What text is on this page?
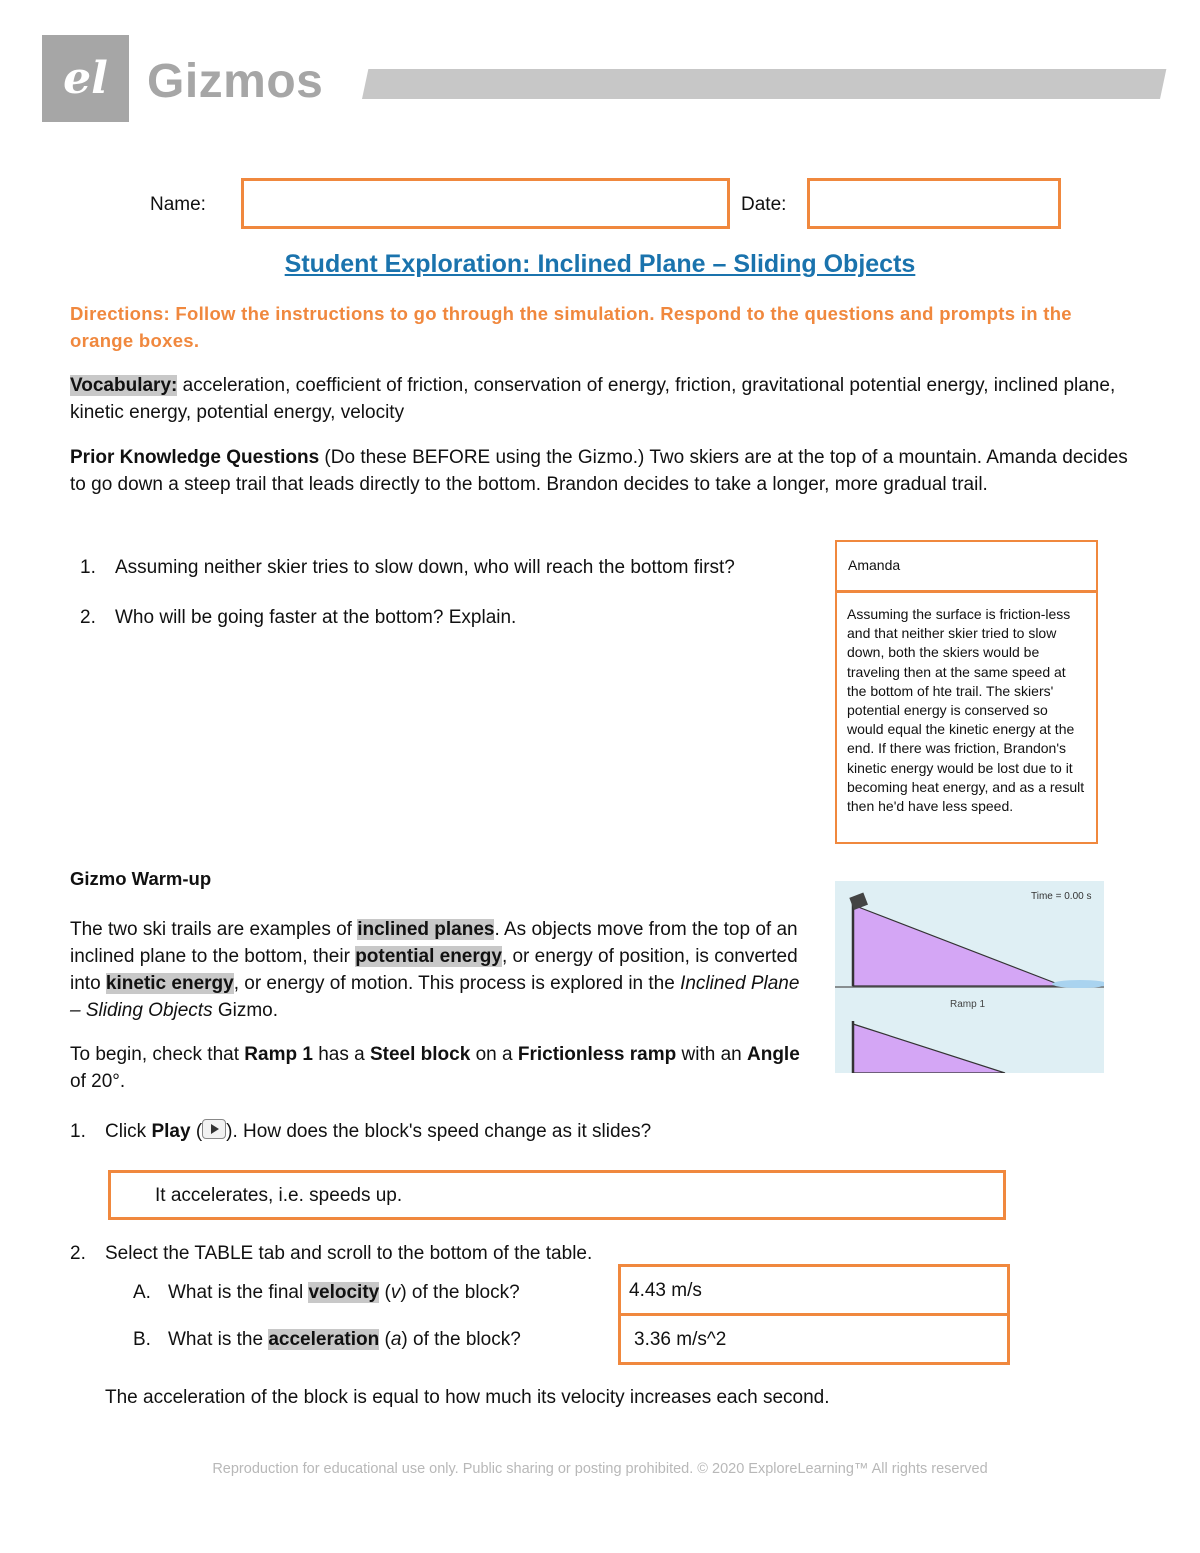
el Gizmos
Name:	Date:
Student Exploration: Inclined Plane – Sliding Objects
Directions: Follow the instructions to go through the simulation. Respond to the questions and prompts in the orange boxes.
Vocabulary: acceleration, coefficient of friction, conservation of energy, friction, gravitational potential energy, inclined plane, kinetic energy, potential energy, velocity
Prior Knowledge Questions (Do these BEFORE using the Gizmo.) Two skiers are at the top of a mountain. Amanda decides to go down a steep trail that leads directly to the bottom. Brandon decides to take a longer, more gradual trail.
1. Assuming neither skier tries to slow down, who will reach the bottom first?	Amanda
2. Who will be going faster at the bottom? Explain.	Assuming the surface is friction-less and that neither skier tried to slow down, both the skiers would be traveling then at the same speed at the bottom of hte trail. The skiers' potential energy is conserved so would equal the kinetic energy at the end. If there was friction, Brandon's kinetic energy would be lost due to it becoming heat energy, and as a result then he'd have less speed.
Gizmo Warm-up
The two ski trails are examples of inclined planes. As objects move from the top of an inclined plane to the bottom, their potential energy, or energy of position, is converted into kinetic energy, or energy of motion. This process is explored in the Inclined Plane – Sliding Objects Gizmo.
To begin, check that Ramp 1 has a Steel block on a Frictionless ramp with an Angle of 20°.
Time = 0.00 s
Ramp 1
1. Click Play ( ). How does the block's speed change as it slides?
It accelerates, i.e. speeds up.
2. Select the TABLE tab and scroll to the bottom of the table.
A. What is the final velocity (v) of the block?	4.43 m/s
B. What is the acceleration (a) of the block?	3.36 m/s^2
The acceleration of the block is equal to how much its velocity increases each second.
Reproduction for educational use only. Public sharing or posting prohibited. © 2020 ExploreLearning™ All rights reserved
